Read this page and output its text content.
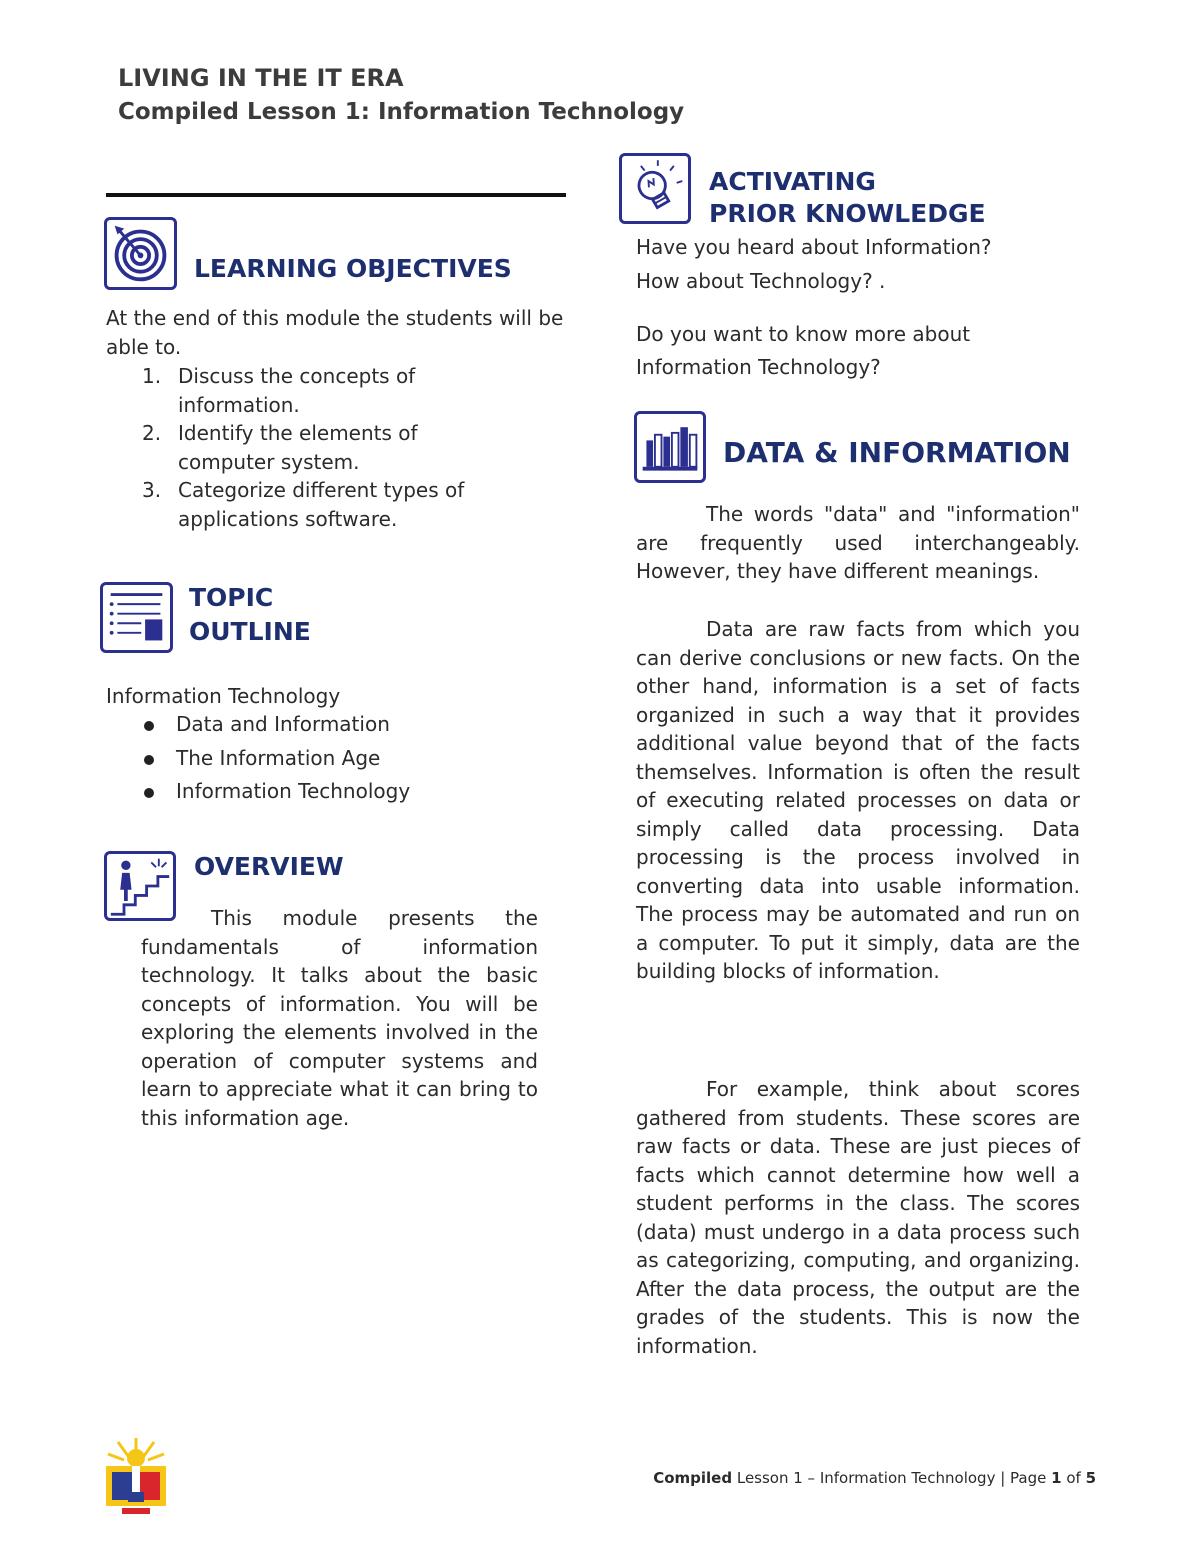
LIVING IN THE IT ERA
Compiled Lesson 1: Information Technology
LEARNING OBJECTIVES
At the end of this module the students will be able to.
1. Discuss the concepts of information.
2. Identify the elements of computer system.
3. Categorize different types of applications software.
TOPIC
OUTLINE
Information Technology
Data and Information
The Information Age
Information Technology
OVERVIEW
This module presents the fundamentals of information technology. It talks about the basic concepts of information. You will be exploring the elements involved in the operation of computer systems and learn to appreciate what it can bring to this information age.
ACTIVATING
PRIOR KNOWLEDGE
Have you heard about Information?
How about Technology? .
Do you want to know more about Information Technology?
DATA & INFORMATION
The words "data" and "information" are frequently used interchangeably. However, they have different meanings.
Data are raw facts from which you can derive conclusions or new facts. On the other hand, information is a set of facts organized in such a way that it provides additional value beyond that of the facts themselves. Information is often the result of executing related processes on data or simply called data processing. Data processing is the process involved in converting data into usable information. The process may be automated and run on a computer. To put it simply, data are the building blocks of information.
For example, think about scores gathered from students. These scores are raw facts or data. These are just pieces of facts which cannot determine how well a student performs in the class. The scores (data) must undergo in a data process such as categorizing, computing, and organizing. After the data process, the output are the grades of the students. This is now the information.
Compiled Lesson 1 – Information Technology | Page 1 of 5
